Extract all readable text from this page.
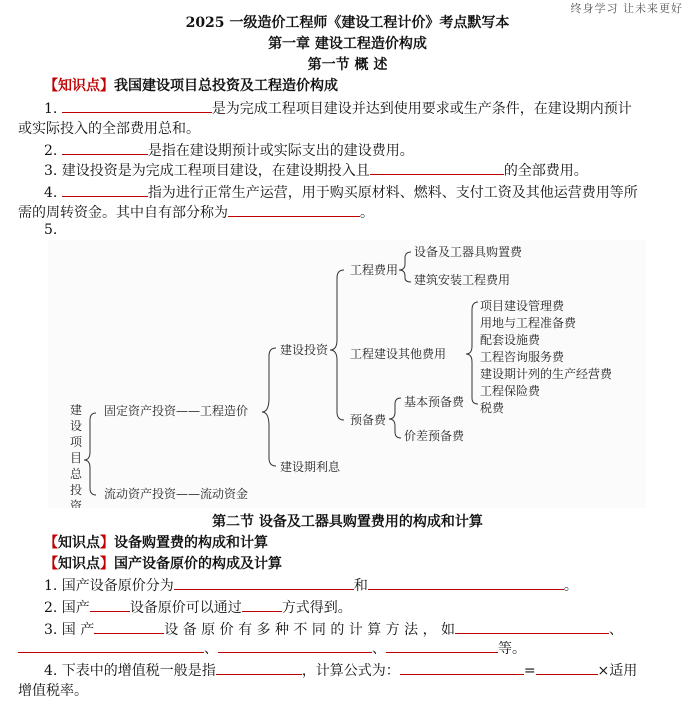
终身学习 让未来更好
2025 一级造价工程师《建设工程计价》考点默写本
第一章 建设工程造价构成
第一节 概 述
【知识点】我国建设项目总投资及工程造价构成
1.	是为完成工程项目建设并达到使用要求或生产条件，在建设期内预计
或实际投入的全部费用总和。
2.	是指在建设期预计或实际支出的建设费用。
3. 建设投资是为完成工程项目建设，在建设期投入且	的全部费用。
4.	指为进行正常生产运营，用于购买原材料、燃料、支付工资及其他运营费用等所
需的周转资金。其中自有部分称为	。
5.
建
设
项
目
总
投
资
固定资产投资——工程造价
流动资产投资——流动资金
建设投资
建设期利息
工程费用
工程建设其他费用
预备费
设备及工器具购置费
建筑安装工程费用
项目建设管理费
用地与工程准备费
配套设施费
工程咨询服务费
建设期计列的生产经营费
工程保险费
税费
基本预备费
价差预备费
第二节 设备及工器具购置费用的构成和计算
【知识点】设备购置费的构成和计算
【知识点】国产设备原价的构成及计算
1. 国产设备原价分为	和	。
2. 国产	设备原价可以通过	方式得到。
3. 国 产	设 备 原 价 有 多 种 不 同 的 计 算 方 法 ， 如	、
、	、	等。
4. 下表中的增值税一般是指	，计算公式为：	=	×适用
增值税率。
